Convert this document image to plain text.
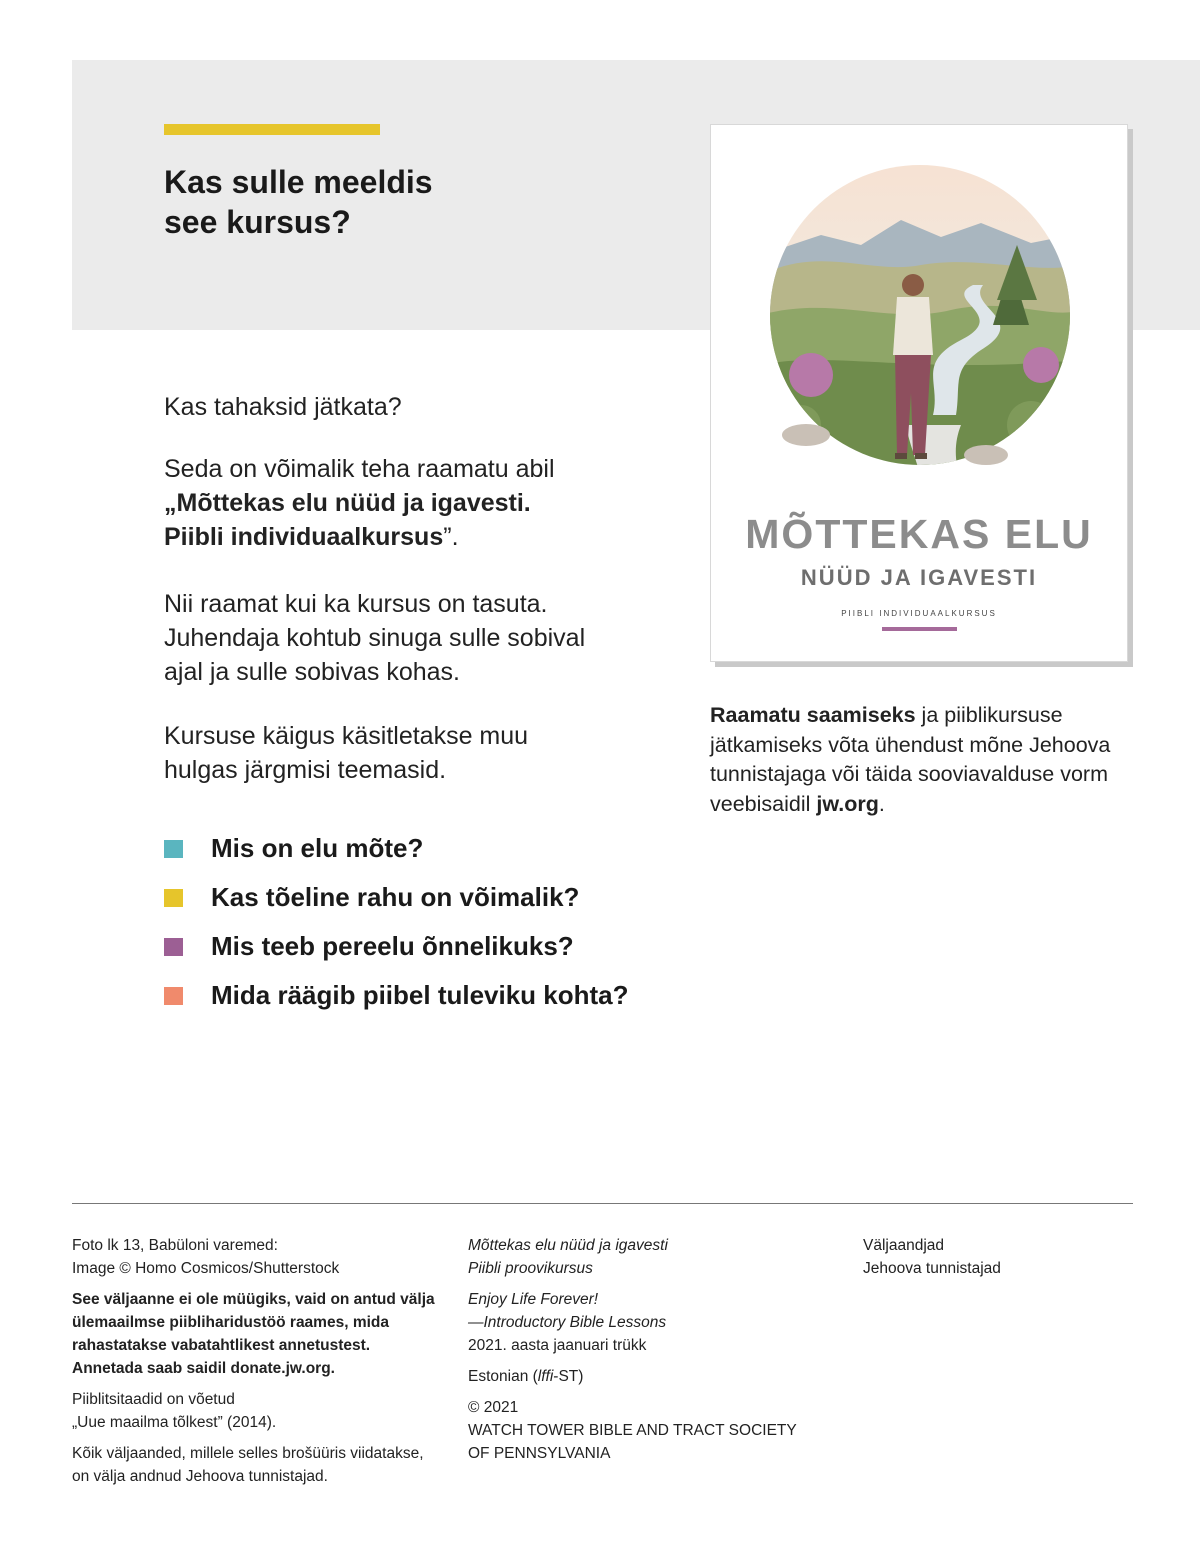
Kas sulle meeldis
see kursus?

Kas tahaksid jätkata?

Seda on võimalik teha raamatu abil
„Mõttekas elu nüüd ja igavesti.
Piibli individuaalkursus”.

Nii raamat kui ka kursus on tasuta. Juhendaja kohtub sinuga sulle sobival ajal ja sulle sobivas kohas.

Kursuse käigus käsitletakse muu hulgas järgmisi teemasid.

Mis on elu mõte?
Kas tõeline rahu on võimalik?
Mis teeb pereelu õnnelikuks?
Mida räägib piibel tuleviku kohta?
MÕTTEKAS ELU
NÜÜD JA IGAVESTI
PIIBLI INDIVIDUAALKURSUS

Raamatu saamiseks ja piiblikursuse jätkamiseks võta ühendust mõne Jehoova tunnistajaga või täida sooviavalduse vorm veebisaidil jw.org.

Foto lk 13, Babüloni varemed:
Image © Homo Cosmicos/Shutterstock

See väljaanne ei ole müügiks, vaid on antud välja ülemaailmse piibliharidustöö raames, mida rahastatakse vabatahtlikest annetustest. Annetada saab saidil donate.jw.org.

Piiblitsitaadid on võetud
„Uue maailma tõlkest” (2014).

Kõik väljaanded, millele selles brošüüris viidatakse, on välja andnud Jehoova tunnistajad.

Mõttekas elu nüüd ja igavesti
Piibli proovikursus

Enjoy Life Forever!
—Introductory Bible Lessons
2021. aasta jaanuari trükk

Estonian (lffi-ST)

© 2021
WATCH TOWER BIBLE AND TRACT SOCIETY
OF PENNSYLVANIA

Väljaandjad
Jehoova tunnistajad
